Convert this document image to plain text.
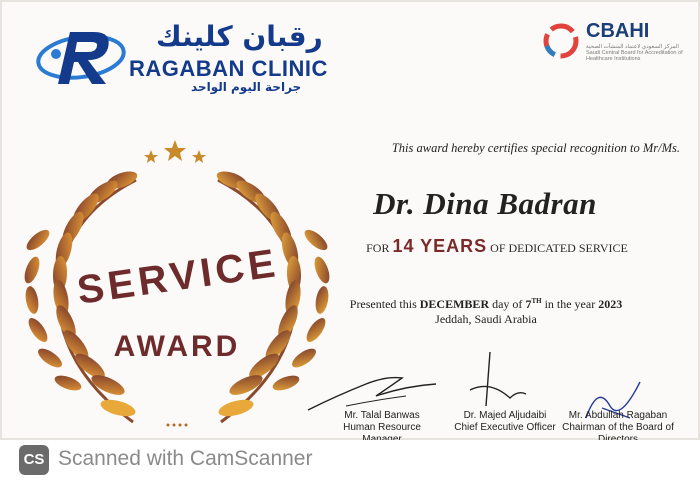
رقبان كلينك
RAGABAN CLINIC
جراحة اليوم الواحد
CBAHI
المركز السعودي لاعتماد المنشآت الصحية
Saudi Central Board for Accreditation of Healthcare Institutions
SERVICE
AWARD
This award hereby certifies special recognition to Mr/Ms.
Dr. Dina Badran
FOR 14 YEARS OF DEDICATED SERVICE
Presented this DECEMBER day of 7TH in the year 2023
Jeddah, Saudi Arabia
Mr. Talal Banwas
Human Resource
Dr. Majed Aljudaibi
Chief Executive Officer
Mr. Abdullah Ragaban
Chairman of the Board of
CS Scanned with CamScanner
